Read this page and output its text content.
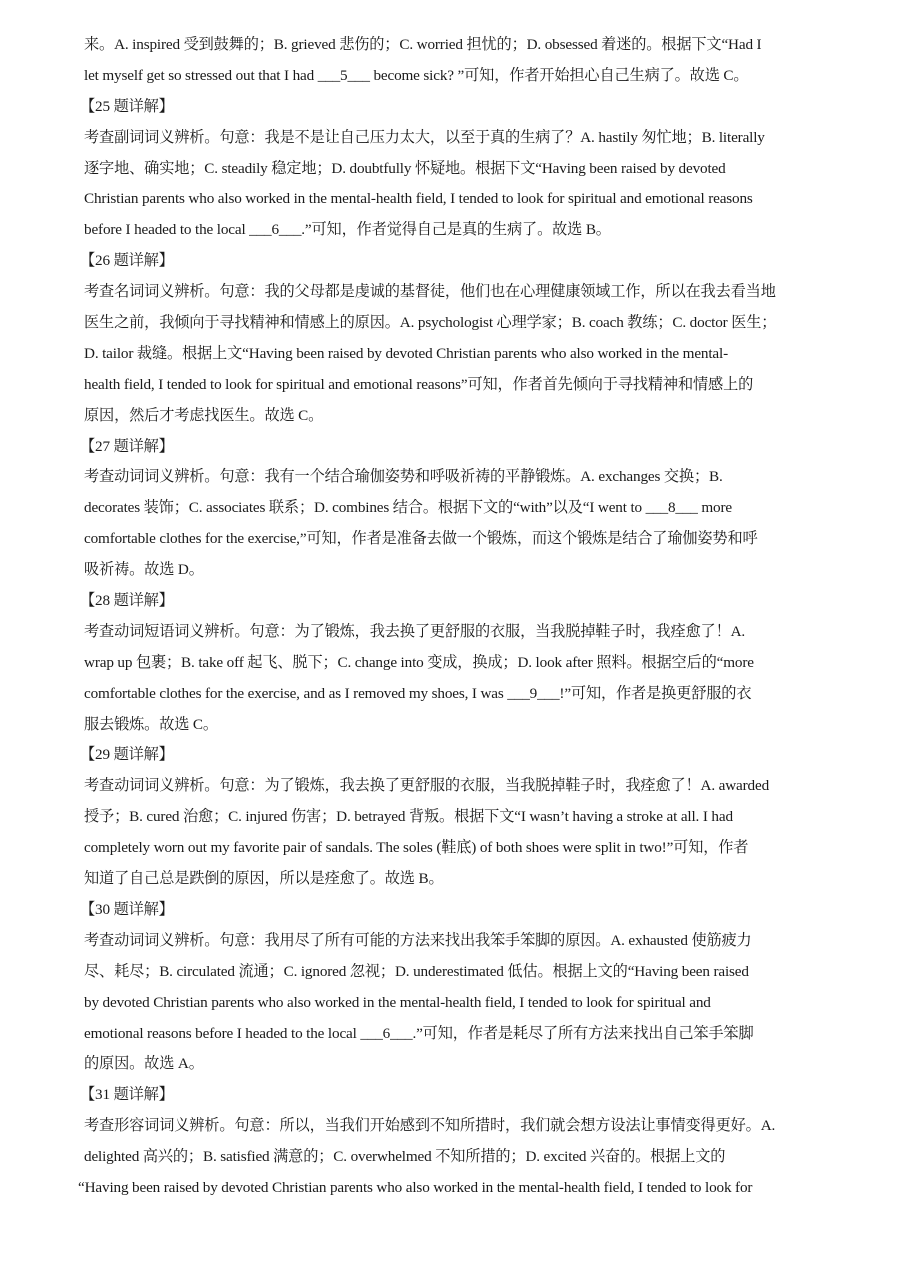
来。A. inspired 受到鼓舞的；B. grieved 悲伤的；C. worried 担忧的；D. obsessed 着迷的。根据下文“Had I
let myself get so stressed out that I had ___5___ become sick? ”可知，作者开始担心自己生病了。故选 C。
【25 题详解】
考查副词词义辨析。句意：我是不是让自己压力太大，以至于真的生病了？A. hastily 匆忙地；B. literally
逐字地、确实地；C. steadily 稳定地；D. doubtfully 怀疑地。根据下文“Having been raised by devoted
Christian parents who also worked in the mental-health field, I tended to look for spiritual and emotional reasons
before I headed to the local ___6___.”可知，作者觉得自己是真的生病了。故选 B。
【26 题详解】
考查名词词义辨析。句意：我的父母都是虔诚的基督徒，他们也在心理健康领域工作，所以在我去看当地
医生之前，我倾向于寻找精神和情感上的原因。A. psychologist 心理学家；B. coach 教练；C. doctor 医生；
D. tailor 裁缝。根据上文“Having been raised by devoted Christian parents who also worked in the mental-
health field, I tended to look for spiritual and emotional reasons”可知，作者首先倾向于寻找精神和情感上的
原因，然后才考虑找医生。故选 C。
【27 题详解】
考查动词词义辨析。句意：我有一个结合瑜伽姿势和呼吸祈祷的平静锻炼。A. exchanges 交换；B.
decorates 装饰；C. associates 联系；D. combines 结合。根据下文的“with”以及“I went to ___8___ more
comfortable clothes for the exercise,”可知，作者是准备去做一个锻炼，而这个锻炼是结合了瑜伽姿势和呼
吸祈祷。故选 D。
【28 题详解】
考查动词短语词义辨析。句意：为了锻炼，我去换了更舒服的衣服，当我脱掉鞋子时，我痊愈了！A.
wrap up 包裹；B. take off 起飞、脱下；C. change into 变成，换成；D. look after 照料。根据空后的“more
comfortable clothes for the exercise, and as I removed my shoes, I was ___9___!”可知，作者是换更舒服的衣
服去锻炼。故选 C。
【29 题详解】
考查动词词义辨析。句意：为了锻炼，我去换了更舒服的衣服，当我脱掉鞋子时，我痊愈了！A. awarded
授予；B. cured 治愈；C. injured 伤害；D. betrayed 背叛。根据下文“I wasn’t having a stroke at all. I had
completely worn out my favorite pair of sandals. The soles (鞋底) of both shoes were split in two!”可知，作者
知道了自己总是跌倒的原因，所以是痊愈了。故选 B。
【30 题详解】
考查动词词义辨析。句意：我用尽了所有可能的方法来找出我笨手笨脚的原因。A. exhausted 使筋疲力
尽、耗尽；B. circulated 流通；C. ignored 忽视；D. underestimated 低估。根据上文的“Having been raised
by devoted Christian parents who also worked in the mental-health field, I tended to look for spiritual and
emotional reasons before I headed to the local ___6___.”可知，作者是耗尽了所有方法来找出自己笨手笨脚
的原因。故选 A。
【31 题详解】
考查形容词词义辨析。句意：所以，当我们开始感到不知所措时，我们就会想方设法让事情变得更好。A.
delighted 高兴的；B. satisfied 满意的；C. overwhelmed 不知所措的；D. excited 兴奋的。根据上文的
“Having been raised by devoted Christian parents who also worked in the mental-health field, I tended to look for
